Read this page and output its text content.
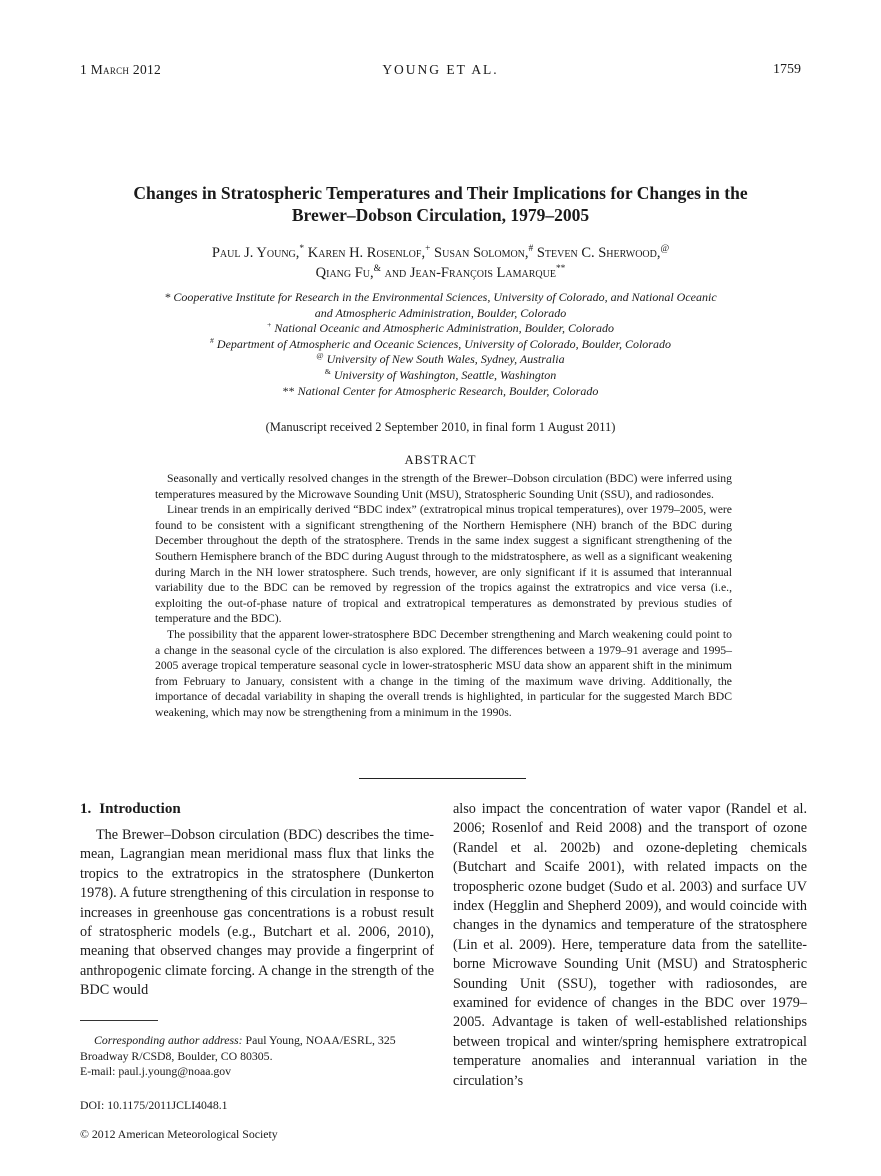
1 March 2012	YOUNG ET AL.	1759
Changes in Stratospheric Temperatures and Their Implications for Changes in the Brewer–Dobson Circulation, 1979–2005
Paul J. Young,* Karen H. Rosenlof,+ Susan Solomon,# Steven C. Sherwood,@
Qiang Fu,& and Jean-François Lamarque**
* Cooperative Institute for Research in the Environmental Sciences, University of Colorado, and National Oceanic
and Atmospheric Administration, Boulder, Colorado
+ National Oceanic and Atmospheric Administration, Boulder, Colorado
# Department of Atmospheric and Oceanic Sciences, University of Colorado, Boulder, Colorado
@ University of New South Wales, Sydney, Australia
& University of Washington, Seattle, Washington
** National Center for Atmospheric Research, Boulder, Colorado
(Manuscript received 2 September 2010, in final form 1 August 2011)
ABSTRACT

Seasonally and vertically resolved changes in the strength of the Brewer–Dobson circulation (BDC) were inferred using temperatures measured by the Microwave Sounding Unit (MSU), Stratospheric Sounding Unit (SSU), and radiosondes.

Linear trends in an empirically derived “BDC index” (extratropical minus tropical temperatures), over 1979–2005, were found to be consistent with a significant strengthening of the Northern Hemisphere (NH) branch of the BDC during December throughout the depth of the stratosphere. Trends in the same index suggest a significant strengthening of the Southern Hemisphere branch of the BDC during August through to the midstratosphere, as well as a significant weakening during March in the NH lower stratosphere. Such trends, however, are only significant if it is assumed that interannual variability due to the BDC can be removed by regression of the tropics against the extratropics and vice versa (i.e., exploiting the out-of-phase nature of tropical and extratropical temperatures as demonstrated by previous studies of temperature and the BDC).

The possibility that the apparent lower-stratosphere BDC December strengthening and March weakening could point to a change in the seasonal cycle of the circulation is also explored. The differences between a 1979–91 average and 1995–2005 average tropical temperature seasonal cycle in lower-stratospheric MSU data show an apparent shift in the minimum from February to January, consistent with a change in the timing of the maximum wave driving. Additionally, the importance of decadal variability in shaping the overall trends is highlighted, in particular for the suggested March BDC weakening, which may now be strengthening from a minimum in the 1990s.

1. Introduction
The Brewer–Dobson circulation (BDC) describes the time-mean, Lagrangian mean meridional mass flux that links the tropics to the extratropics in the stratosphere (Dunkerton 1978). A future strengthening of this circulation in response to increases in greenhouse gas concentrations is a robust result of stratospheric models (e.g., Butchart et al. 2006, 2010), meaning that observed changes may provide a fingerprint of anthropogenic climate forcing. A change in the strength of the BDC would
also impact the concentration of water vapor (Randel et al. 2006; Rosenlof and Reid 2008) and the transport of ozone (Randel et al. 2002b) and ozone-depleting chemicals (Butchart and Scaife 2001), with related impacts on the tropospheric ozone budget (Sudo et al. 2003) and surface UV index (Hegglin and Shepherd 2009), and would coincide with changes in the dynamics and temperature of the stratosphere (Lin et al. 2009). Here, temperature data from the satellite-borne Microwave Sounding Unit (MSU) and Stratospheric Sounding Unit (SSU), together with radiosondes, are examined for evidence of changes in the BDC over 1979–2005. Advantage is taken of well-established relationships between tropical and winter/spring hemisphere extratropical temperature anomalies and interannual variation in the circulation’s
Corresponding author address: Paul Young, NOAA/ESRL, 325 Broadway R/CSD8, Boulder, CO 80305.
E-mail: paul.j.young@noaa.gov
DOI: 10.1175/2011JCLI4048.1
© 2012 American Meteorological Society
